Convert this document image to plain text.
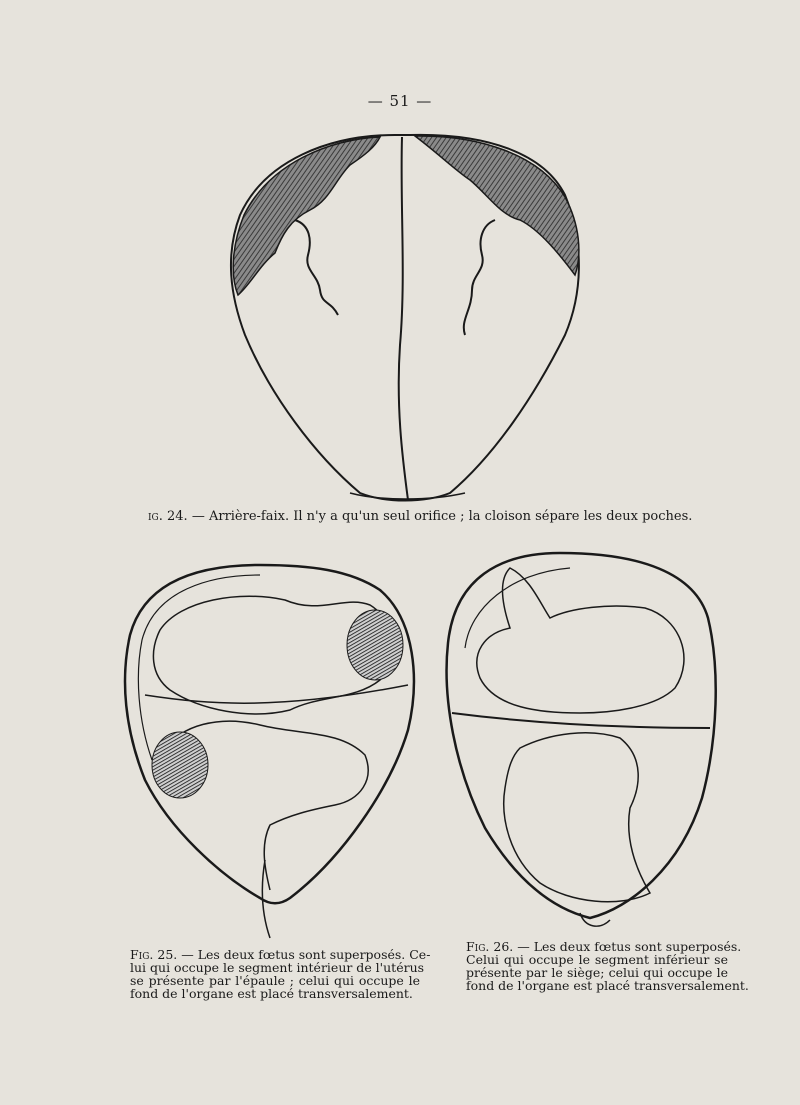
— 51 —
ig. 24. — Arrière-faix. Il n'y a qu'un seul orifice ; la cloison sépare les deux poches.
Fig. 25. — Les deux fœtus sont superposés. Ce-
lui qui occupe le segment intérieur de l'utérus
se présente par l'épaule ; celui qui occupe le
fond de l'organe est placé transversalement.
Fig. 26. — Les deux fœtus sont superposés.
Celui qui occupe le segment inférieur se
présente par le siège; celui qui occupe le
fond de l'organe est placé transversalement.
